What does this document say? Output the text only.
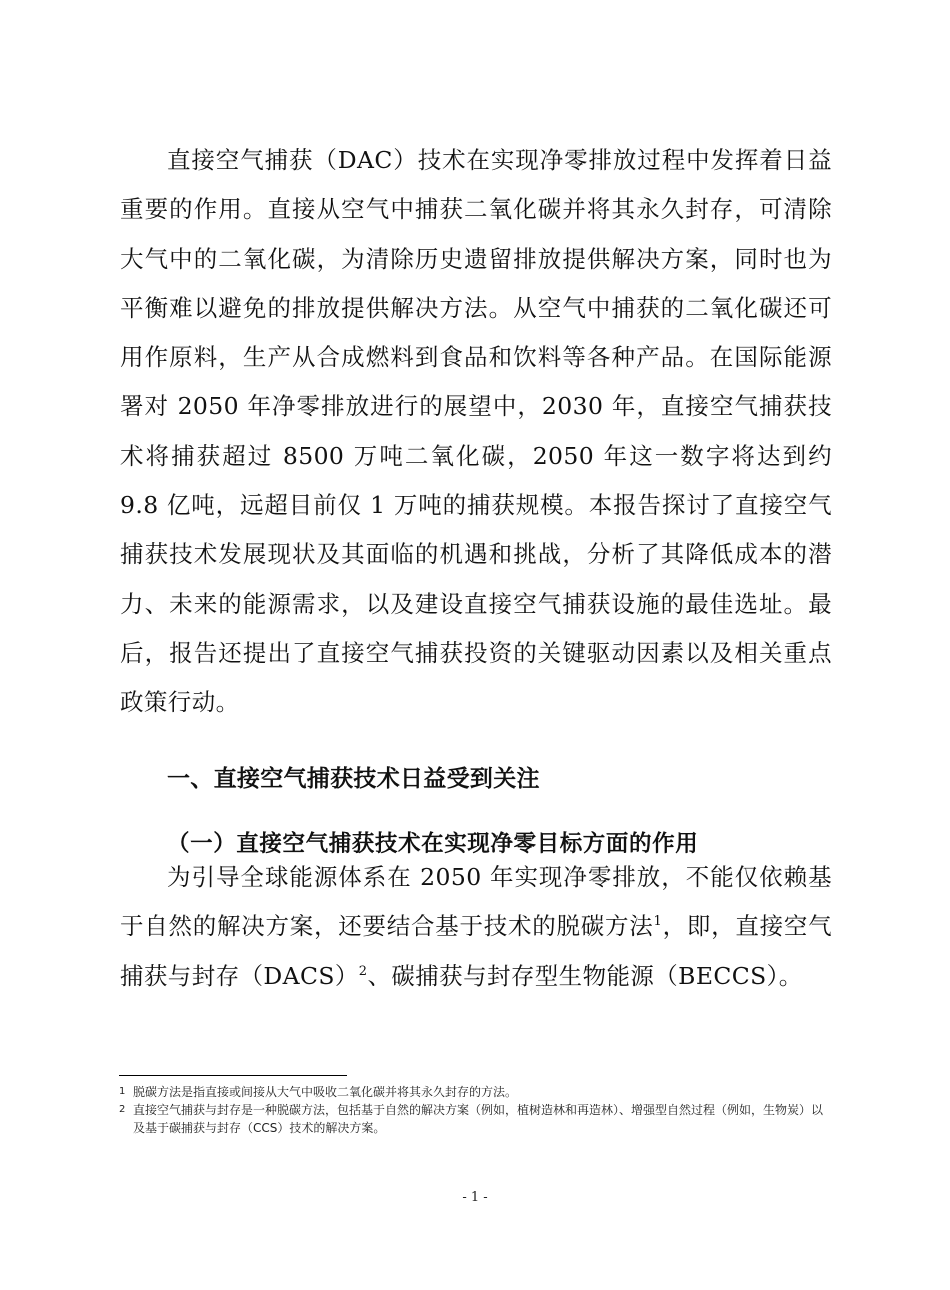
直接空气捕获（DAC）技术在实现净零排放过程中发挥着日益重要的作用。直接从空气中捕获二氧化碳并将其永久封存，可清除大气中的二氧化碳，为清除历史遗留排放提供解决方案，同时也为平衡难以避免的排放提供解决方法。从空气中捕获的二氧化碳还可用作原料，生产从合成燃料到食品和饮料等各种产品。在国际能源署对 2050 年净零排放进行的展望中，2030 年，直接空气捕获技术将捕获超过 8500 万吨二氧化碳，2050 年这一数字将达到约 9.8 亿吨，远超目前仅 1 万吨的捕获规模。本报告探讨了直接空气捕获技术发展现状及其面临的机遇和挑战，分析了其降低成本的潜力、未来的能源需求，以及建设直接空气捕获设施的最佳选址。最后，报告还提出了直接空气捕获投资的关键驱动因素以及相关重点政策行动。

一、直接空气捕获技术日益受到关注
（一）直接空气捕获技术在实现净零目标方面的作用

为引导全球能源体系在 2050 年实现净零排放，不能仅依赖基于自然的解决方案，还要结合基于技术的脱碳方法$^1$，即，直接空气捕获与封存（DACS）$^2$、碳捕获与封存型生物能源（BECCS）。

1 脱碳方法是指直接或间接从大气中吸收二氧化碳并将其永久封存的方法。

2 直接空气捕获与封存是一种脱碳方法，包括基于自然的解决方案（例如，植树造林和再造林）、增强型自然过程（例如，生物炭）以及基于碳捕获与封存（CCS）技术的解决方案。

- 1 -
